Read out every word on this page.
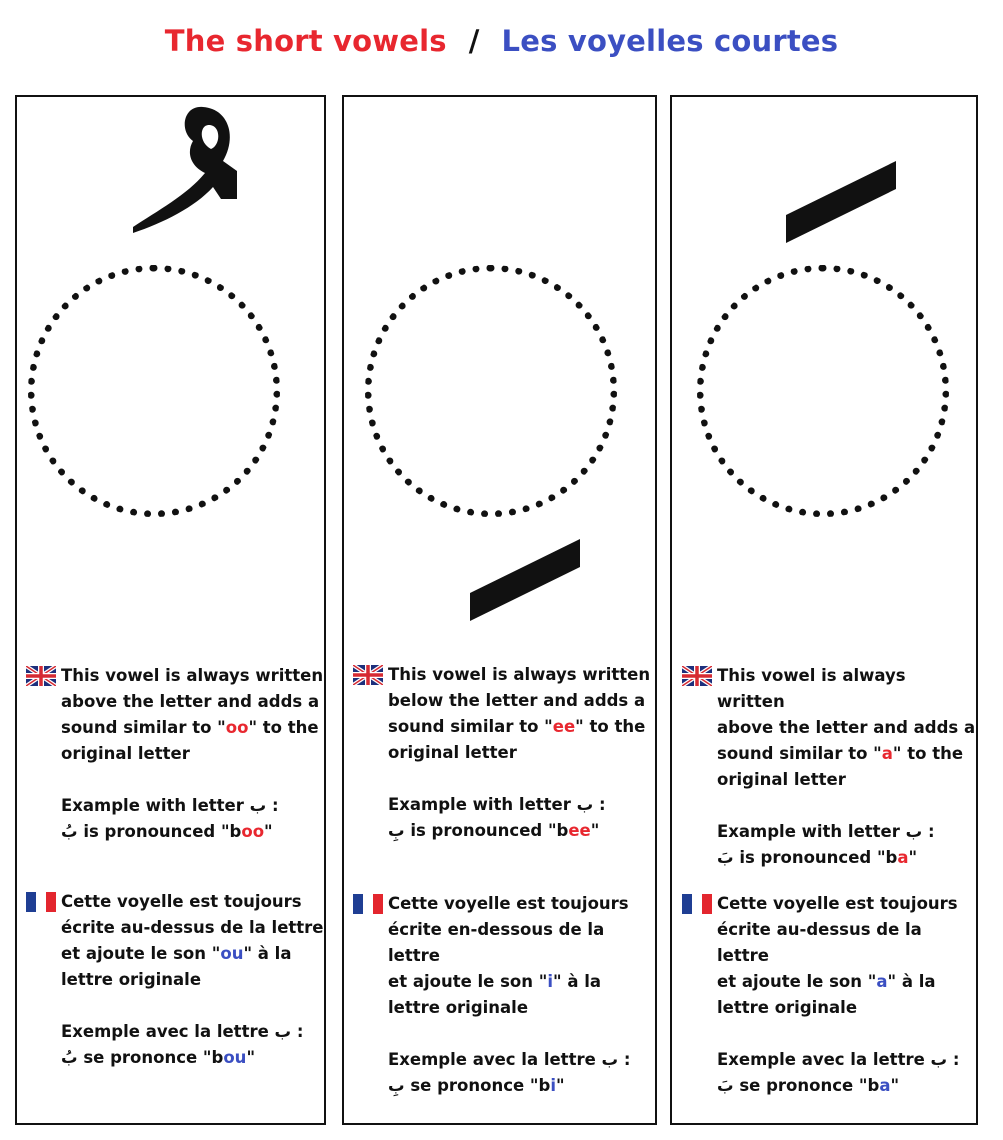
The short vowels / Les voyelles courtes
This vowel is always written
above the letter and adds a
sound similar to "oo" to the
original letter
Example with letter ب :
بُ is pronounced "boo"
Cette voyelle est toujours
écrite au-dessus de la lettre
et ajoute le son "ou" à la
lettre originale
Exemple avec la lettre ب :
بُ se prononce "bou"
This vowel is always written
below the letter and adds a
sound similar to "ee" to the
original letter
Example with letter ب :
بِ is pronounced "bee"
Cette voyelle est toujours
écrite en-dessous de la lettre
et ajoute le son "i" à la
lettre originale
Exemple avec la lettre ب :
بِ se prononce "bi"
This vowel is always written
above the letter and adds a
sound similar to "a" to the
original letter
Example with letter ب :
بَ is pronounced "ba"
Cette voyelle est toujours
écrite au-dessus de la lettre
et ajoute le son "a" à la
lettre originale
Exemple avec la lettre ب :
بَ se prononce "ba"
